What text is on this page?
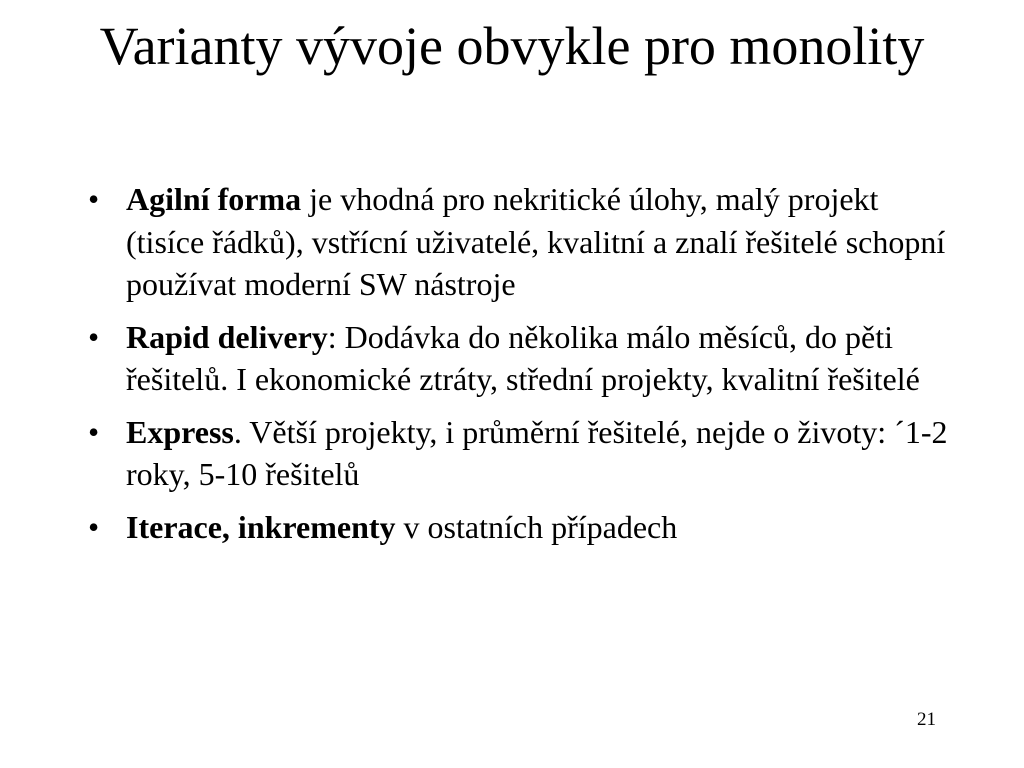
Varianty vývoje obvykle pro monolity
• Agilní forma je vhodná pro nekritické úlohy, malý projekt (tisíce řádků), vstřícní uživatelé, kvalitní a znalí řešitelé schopní používat moderní SW nástroje
• Rapid delivery: Dodávka do několika málo měsíců, do pěti řešitelů. I ekonomické ztráty, střední projekty, kvalitní řešitelé
• Express. Větší projekty, i průměrní řešitelé, nejde o životy: ´1-2 roky, 5-10 řešitelů
• Iterace, inkrementy v ostatních případech
21
